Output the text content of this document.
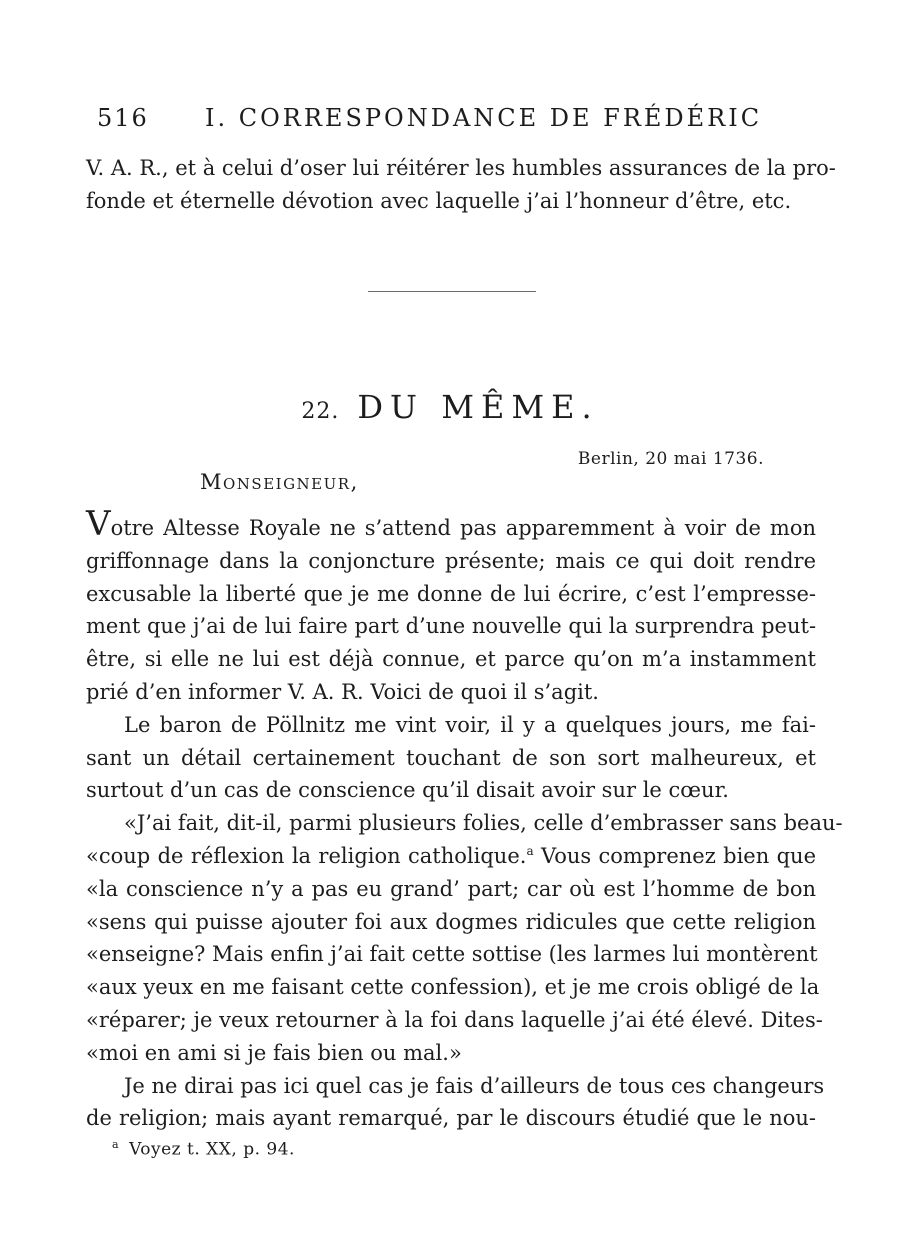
516 I. CORRESPONDANCE DE FRÉDÉRIC
V. A. R., et à celui d’oser lui réitérer les humbles assurances de la pro-
fonde et éternelle dévotion avec laquelle j’ai l’honneur d’être, etc.
22. DU MÊME.
Berlin, 20 mai 1736.
Monseigneur,
Votre Altesse Royale ne s’attend pas apparemment à voir de mon
griffonnage dans la conjoncture présente; mais ce qui doit rendre
excusable la liberté que je me donne de lui écrire, c’est l’empresse-
ment que j’ai de lui faire part d’une nouvelle qui la surprendra peut-
être, si elle ne lui est déjà connue, et parce qu’on m’a instamment
prié d’en informer V. A. R. Voici de quoi il s’agit.
Le baron de Pöllnitz me vint voir, il y a quelques jours, me fai-
sant un détail certainement touchant de son sort malheureux, et
surtout d’un cas de conscience qu’il disait avoir sur le cœur.
«J’ai fait, dit-il, parmi plusieurs folies, celle d’embrasser sans beau-
«coup de réflexion la religion catholique.$^a$ Vous comprenez bien que
«la conscience n’y a pas eu grand’ part; car où est l’homme de bon
«sens qui puisse ajouter foi aux dogmes ridicules que cette religion
«enseigne? Mais enfin j’ai fait cette sottise (les larmes lui montèrent
«aux yeux en me faisant cette confession), et je me crois obligé de la
«réparer; je veux retourner à la foi dans laquelle j’ai été élevé. Dites-
«moi en ami si je fais bien ou mal.»
Je ne dirai pas ici quel cas je fais d’ailleurs de tous ces changeurs
de religion; mais ayant remarqué, par le discours étudié que le nou-
$^a$ Voyez t. XX, p. 94.
